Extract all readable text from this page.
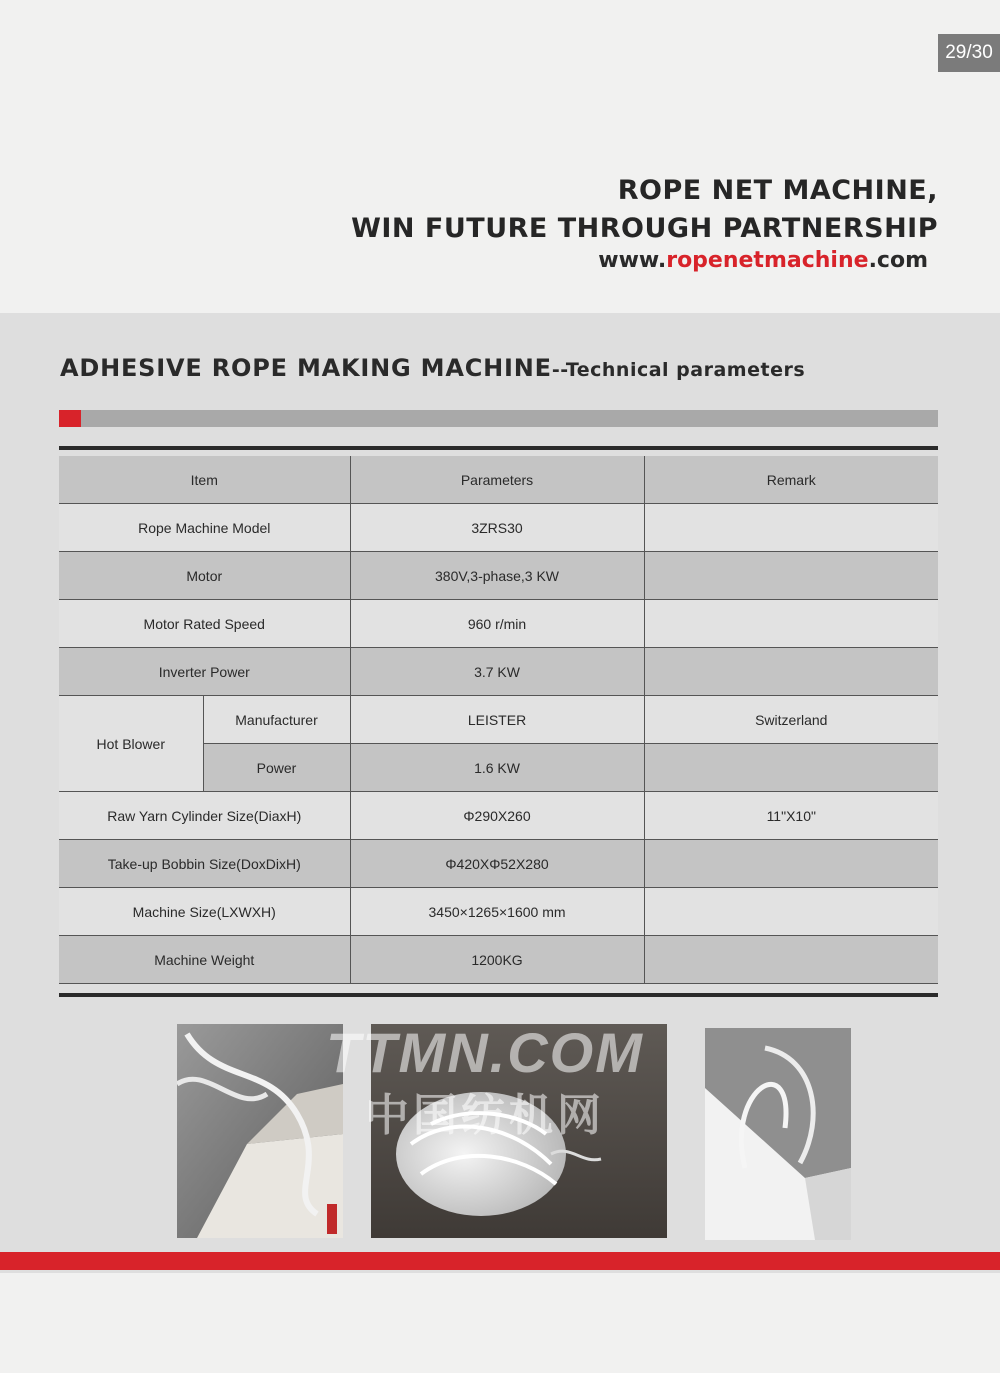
29/30
ROPE NET MACHINE,
WIN FUTURE THROUGH PARTNERSHIP
www.ropenetmachine.com
ADHESIVE ROPE MAKING MACHINE--Technical parameters
Item		Parameters	Remark
Rope Machine Model		3ZRS30	
Motor		380V,3-phase,3 KW	
Motor Rated Speed		960 r/min	
Inverter Power		3.7 KW	
Hot Blower	Manufacturer	LEISTER	Switzerland
	Power	1.6 KW	
Raw Yarn Cylinder Size(DiaxH)		Φ290X260	11"X10"
Take-up Bobbin Size(DoxDixH)		Φ420XΦ52X280	
Machine Size(LXWXH)		3450×1265×1600 mm	
Machine Weight		1200KG	
TTMN.COM
中国纺机网
